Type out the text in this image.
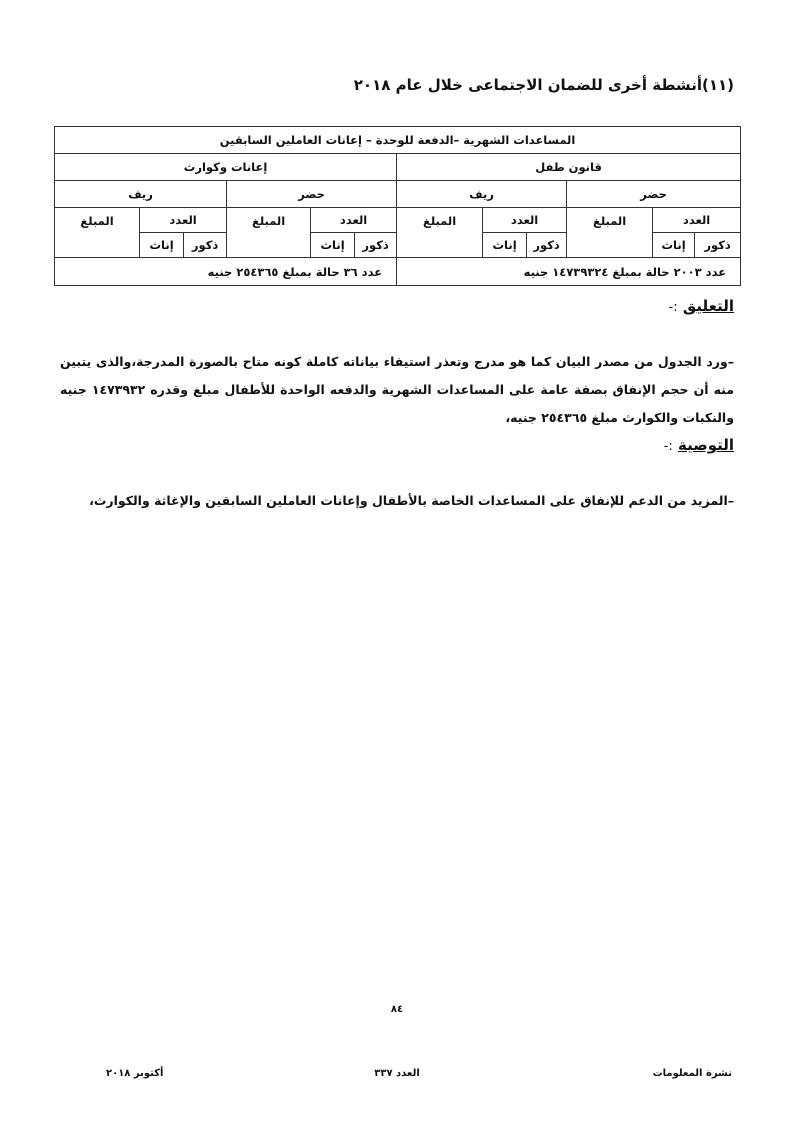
(١١)أنشطة أخرى للضمان الاجتماعى خلال عام ٢٠١٨
المساعدات الشهرية –الدفعة للوحدة – إعانات العاملين السابقين											
قانون طفل						إعانات وكوارث					
حضر			ريف			حضر			ريف		
العدد		المبلغ	العدد		المبلغ	العدد		المبلغ	العدد		المبلغ
ذكور	إناث		ذكور	إناث		ذكور	إناث		ذكور	إناث	
عدد ٢٠٠٣ حالة بمبلغ ١٤٧٣٩٣٢٤ جنيه						عدد ٣٦ حالة بمبلغ ٢٥٤٣٦٥ جنيه					
التعليق :-
–ورد الجدول من مصدر البيان كما هو مدرج وتعذر استيفاء بياناته كاملة كونه متاح بالصورة المدرجة،والذى يتبين منه أن حجم الإنفاق بصفة عامة على المساعدات الشهرية والدفعه الواحدة للأطفال مبلغ وقدره ١٤٧٣٩٣٢ جنيه والنكبات والكوارث مبلغ ٢٥٤٣٦٥ جنيه،
التوصية :-
–المزيد من الدعم للإنفاق على المساعدات الخاصة بالأطفال وإعانات العاملين السابقين والإغاثة والكوارث،
٨٤
نشرة المعلومات
العدد ٣٣٧
أكتوبر ٢٠١٨
